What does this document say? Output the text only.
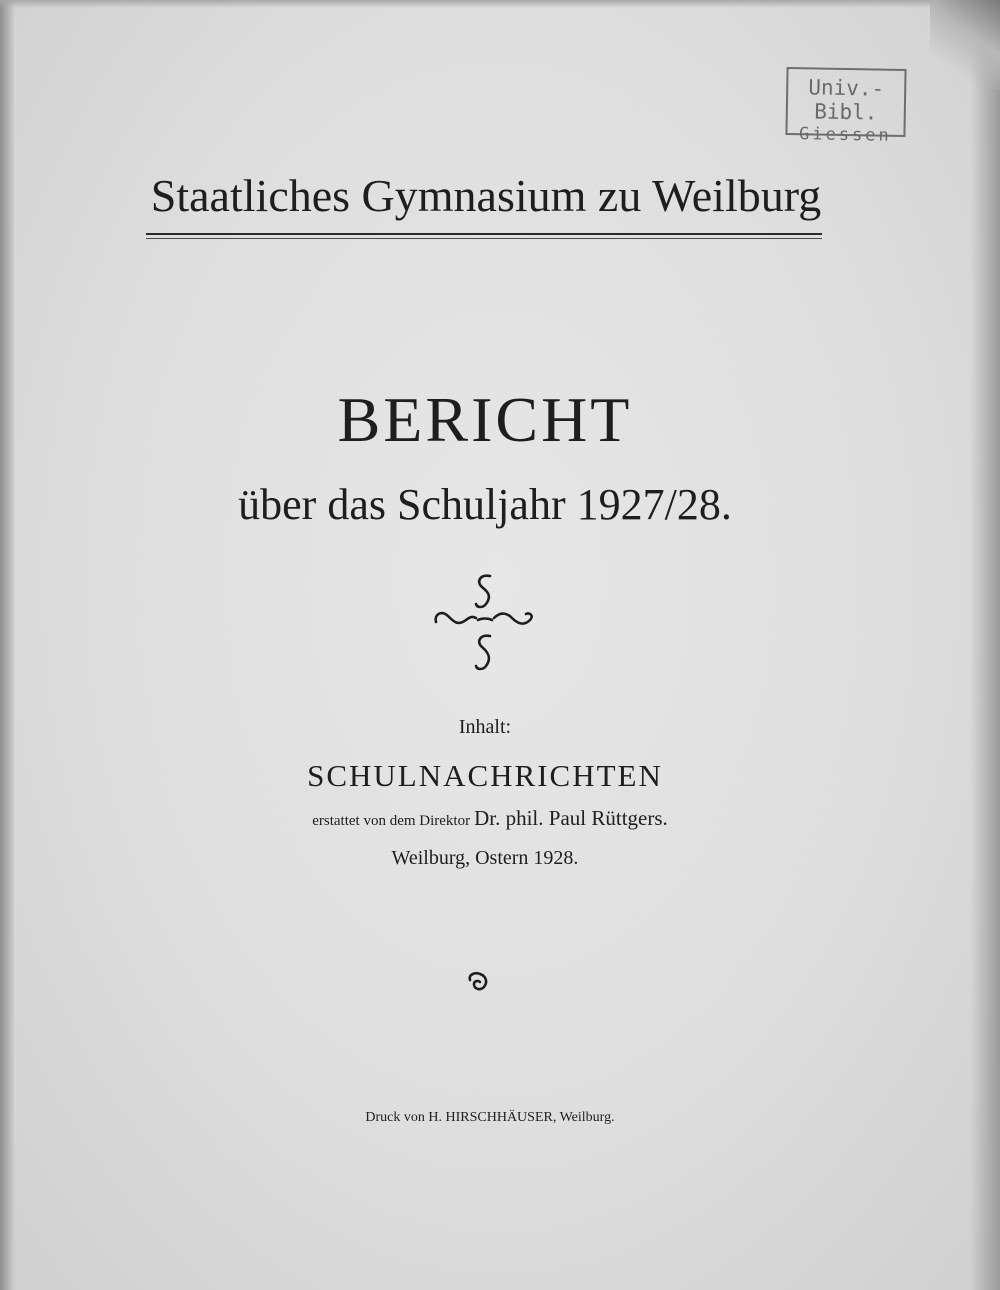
Univ.-Bibl.
Giessen
Staatliches Gymnasium zu Weilburg
BERICHT
über das Schuljahr 1927/28.
Inhalt:
SCHULNACHRICHTEN
erstattet von dem Direktor Dr. phil. Paul Rüttgers.
Weilburg, Ostern 1928.
Druck von H. HIRSCHHÄUSER, Weilburg.
